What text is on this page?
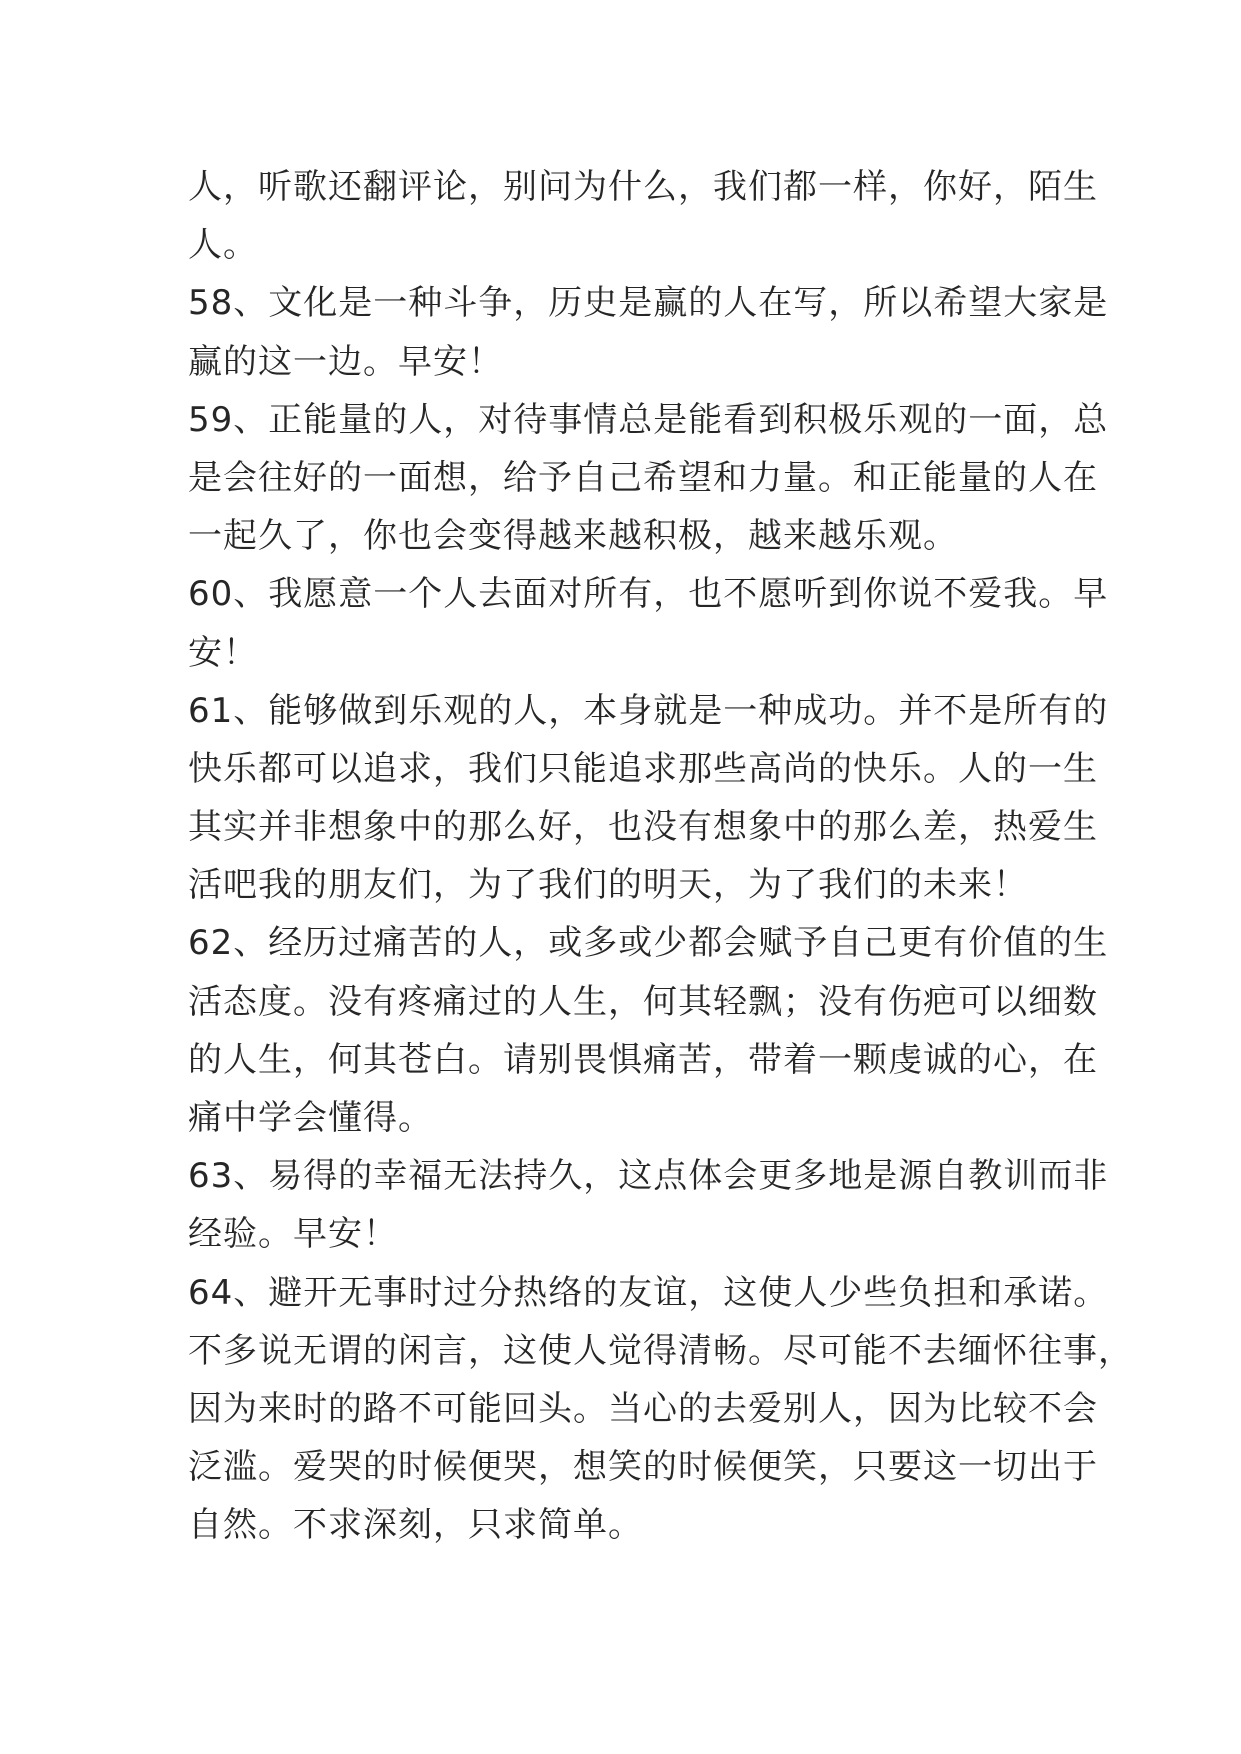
人，听歌还翻评论，别问为什么，我们都一样，你好，陌生
人。
58、文化是一种斗争，历史是赢的人在写，所以希望大家是
赢的这一边。早安！
59、正能量的人，对待事情总是能看到积极乐观的一面，总
是会往好的一面想，给予自己希望和力量。和正能量的人在
一起久了，你也会变得越来越积极，越来越乐观。
60、我愿意一个人去面对所有，也不愿听到你说不爱我。早
安！
61、能够做到乐观的人，本身就是一种成功。并不是所有的
快乐都可以追求，我们只能追求那些高尚的快乐。人的一生
其实并非想象中的那么好，也没有想象中的那么差，热爱生
活吧我的朋友们，为了我们的明天，为了我们的未来！
62、经历过痛苦的人，或多或少都会赋予自己更有价值的生
活态度。没有疼痛过的人生，何其轻飘；没有伤疤可以细数
的人生，何其苍白。请别畏惧痛苦，带着一颗虔诚的心，在
痛中学会懂得。
63、易得的幸福无法持久，这点体会更多地是源自教训而非
经验。早安！
64、避开无事时过分热络的友谊，这使人少些负担和承诺。
不多说无谓的闲言，这使人觉得清畅。尽可能不去缅怀往事，
因为来时的路不可能回头。当心的去爱别人，因为比较不会
泛滥。爱哭的时候便哭，想笑的时候便笑，只要这一切出于
自然。不求深刻，只求简单。
